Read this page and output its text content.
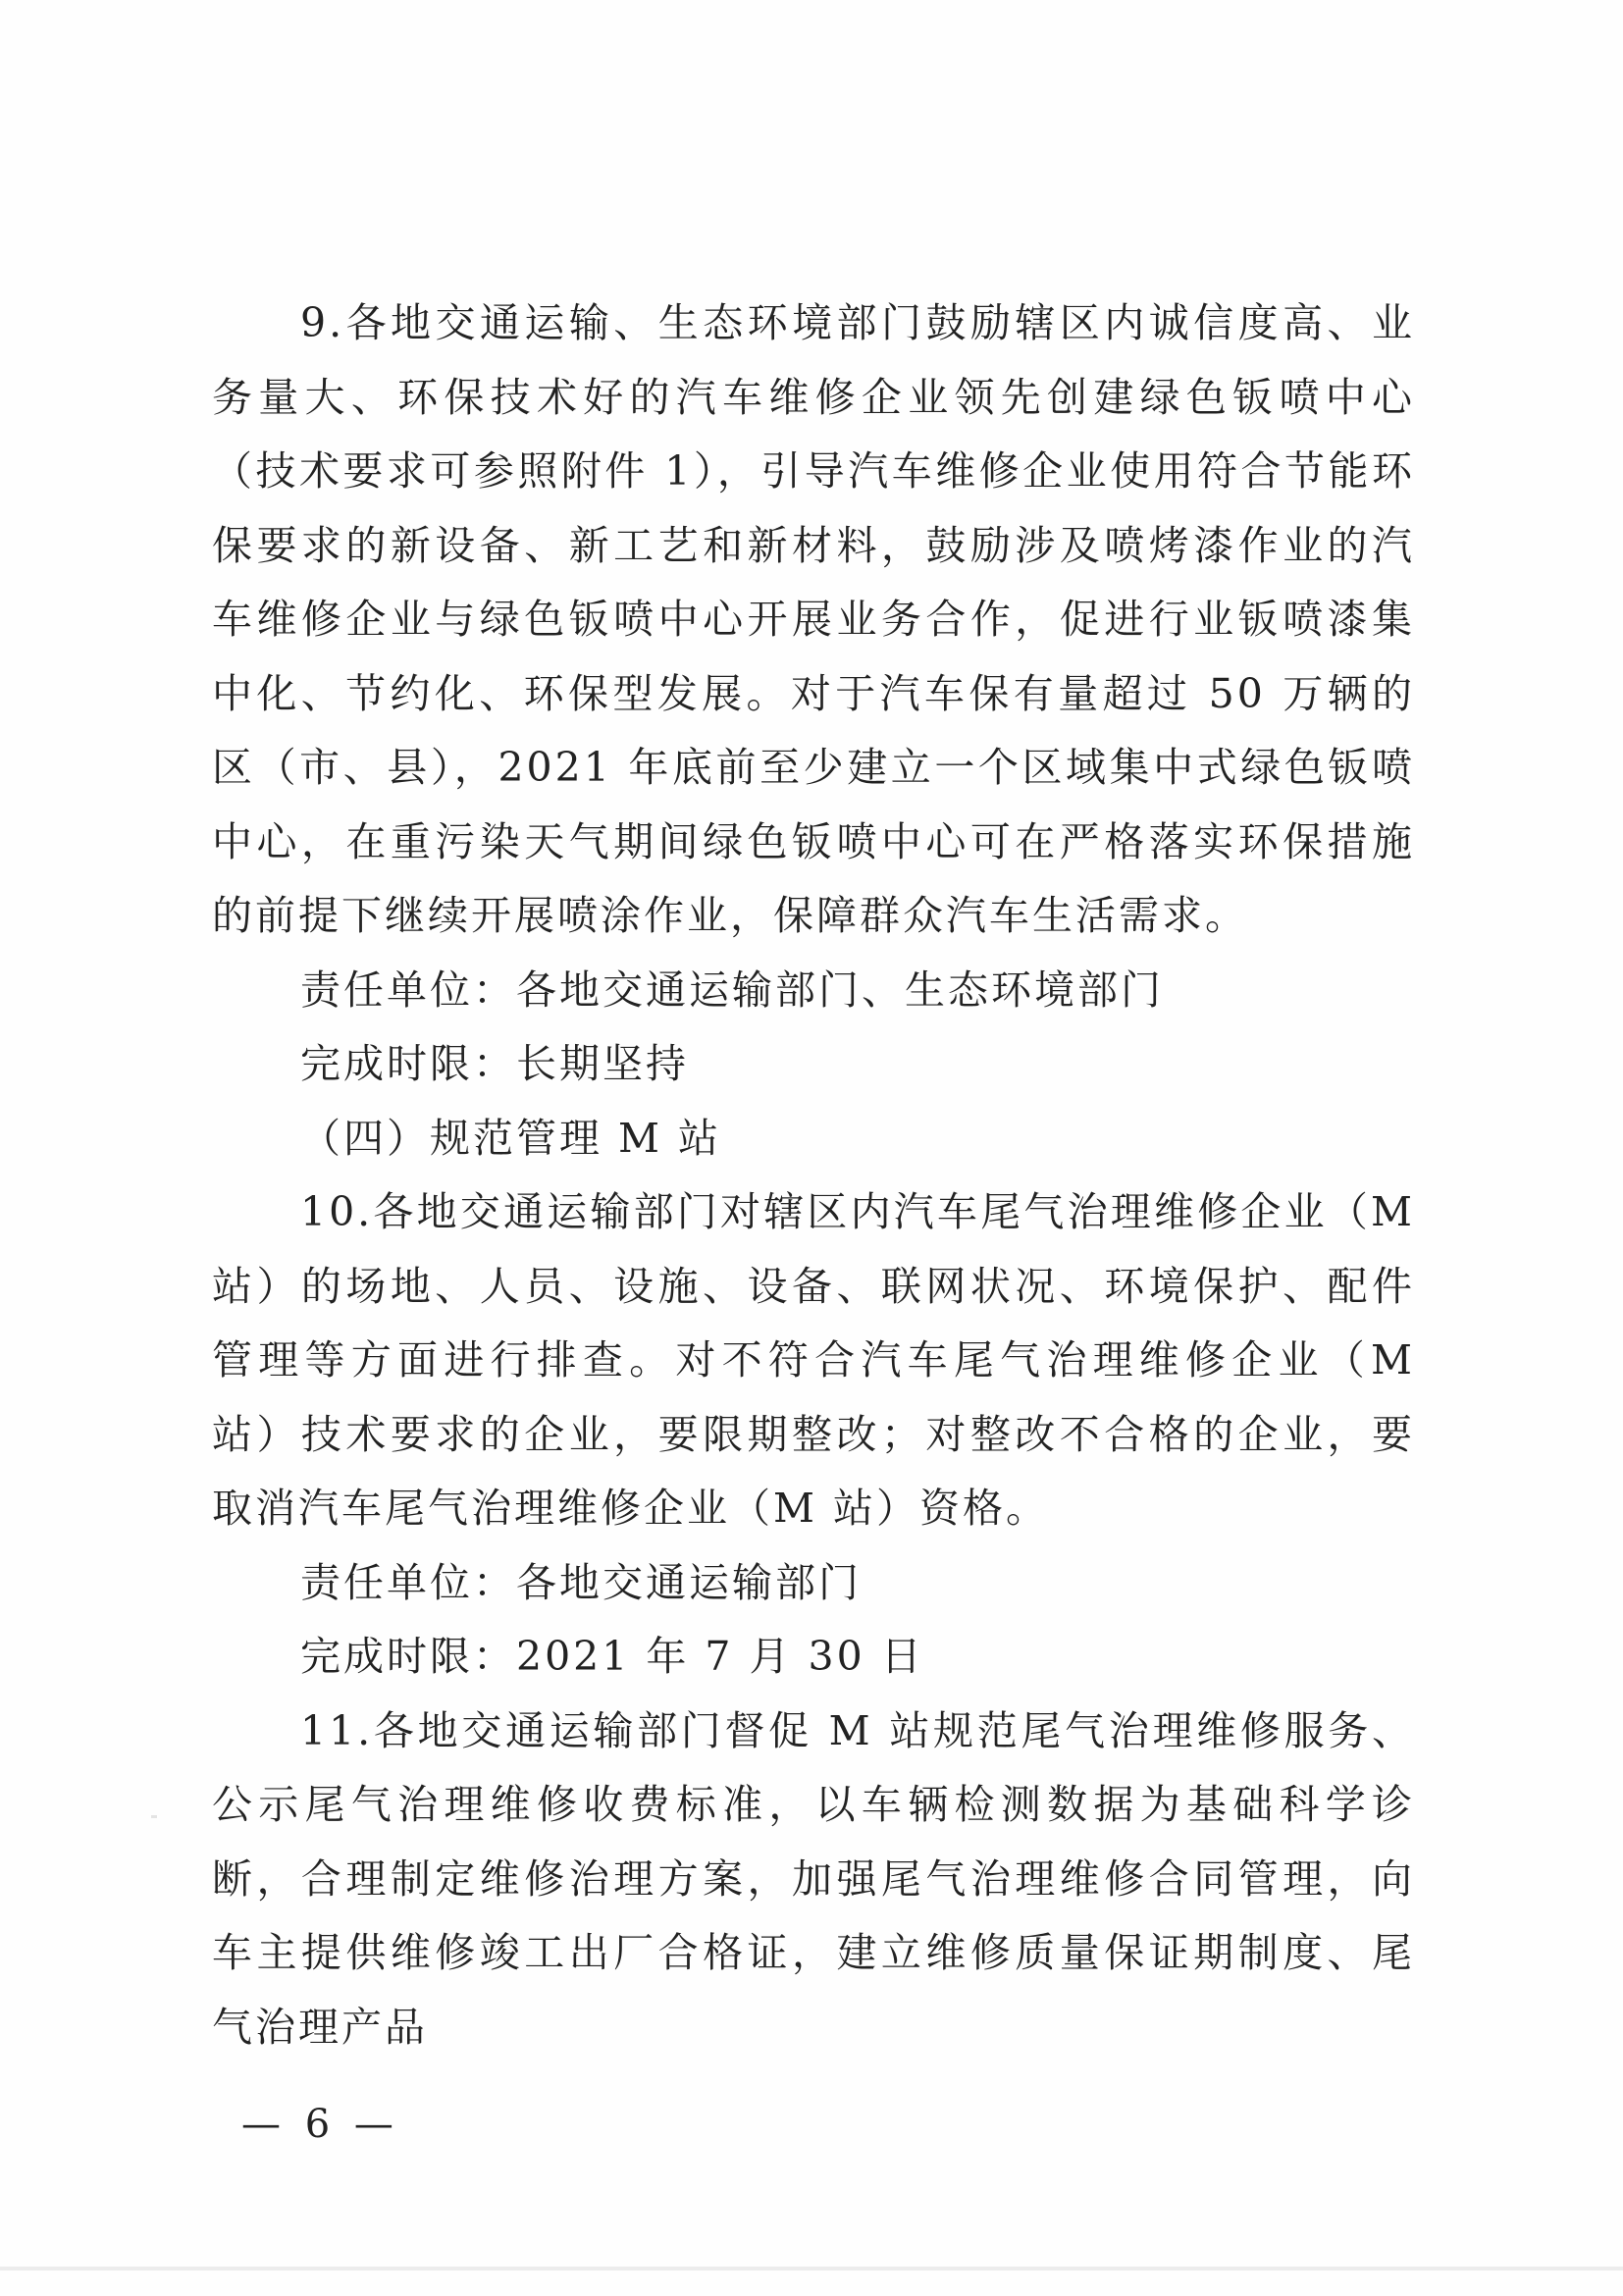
9.各地交通运输、生态环境部门鼓励辖区内诚信度高、业务量大、环保技术好的汽车维修企业领先创建绿色钣喷中心（技术要求可参照附件 1），引导汽车维修企业使用符合节能环保要求的新设备、新工艺和新材料，鼓励涉及喷烤漆作业的汽车维修企业与绿色钣喷中心开展业务合作，促进行业钣喷漆集中化、节约化、环保型发展。对于汽车保有量超过 50 万辆的区（市、县），2021 年底前至少建立一个区域集中式绿色钣喷中心，在重污染天气期间绿色钣喷中心可在严格落实环保措施的前提下继续开展喷涂作业，保障群众汽车生活需求。

责任单位：各地交通运输部门、生态环境部门

完成时限：长期坚持

（四）规范管理 M 站

10.各地交通运输部门对辖区内汽车尾气治理维修企业（M 站）的场地、人员、设施、设备、联网状况、环境保护、配件管理等方面进行排查。对不符合汽车尾气治理维修企业（M 站）技术要求的企业，要限期整改；对整改不合格的企业，要取消汽车尾气治理维修企业（M 站）资格。

责任单位：各地交通运输部门

完成时限：2021 年 7 月 30 日

11.各地交通运输部门督促 M 站规范尾气治理维修服务、公示尾气治理维修收费标准，以车辆检测数据为基础科学诊断，合理制定维修治理方案，加强尾气治理维修合同管理，向车主提供维修竣工出厂合格证，建立维修质量保证期制度、尾气治理产品

— 6 —
